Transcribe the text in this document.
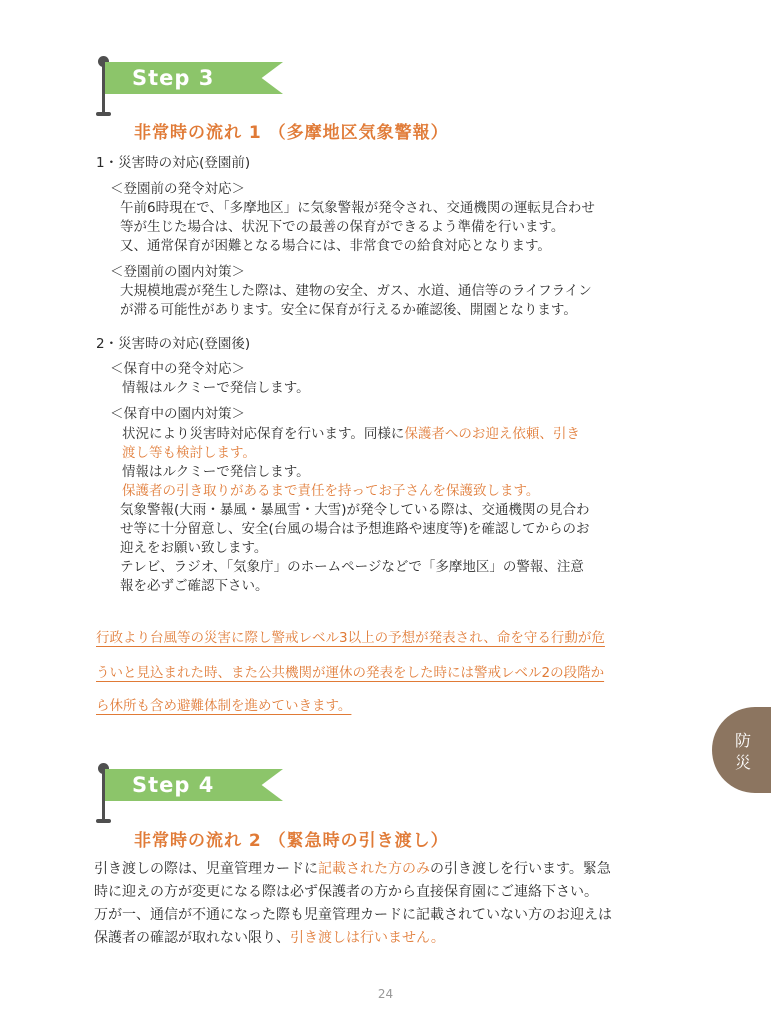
Step 3
非常時の流れ 1 （多摩地区気象警報）
1・災害時の対応(登園前)
＜登園前の発令対応＞
午前6時現在で、「多摩地区」に気象警報が発令され、交通機関の運転見合わせ
等が生じた場合は、状況下での最善の保育ができるよう準備を行います。
又、通常保育が困難となる場合には、非常食での給食対応となります。
＜登園前の園内対策＞
大規模地震が発生した際は、建物の安全、ガス、水道、通信等のライフライン
が滞る可能性があります。安全に保育が行えるか確認後、開園となります。
2・災害時の対応(登園後)
＜保育中の発令対応＞
情報はルクミーで発信します。
＜保育中の園内対策＞
状況により災害時対応保育を行います。同様に保護者へのお迎え依頼、引き
渡し等も検討します。
情報はルクミーで発信します。
保護者の引き取りがあるまで責任を持ってお子さんを保護致します。
気象警報(大雨・暴風・暴風雪・大雪)が発令している際は、交通機関の見合わ
せ等に十分留意し、安全(台風の場合は予想進路や速度等)を確認してからのお
迎えをお願い致します。
テレビ、ラジオ、「気象庁」のホームページなどで「多摩地区」の警報、注意
報を必ずご確認下さい。
行政より台風等の災害に際し警戒レベル3以上の予想が発表され、命を守る行動が危
ういと見込まれた時、また公共機関が運休の発表をした時には警戒レベル2の段階か
ら休所も含め避難体制を進めていきます。
防
災
Step 4
非常時の流れ 2 （緊急時の引き渡し）
引き渡しの際は、児童管理カードに記載された方のみの引き渡しを行います。緊急
時に迎えの方が変更になる際は必ず保護者の方から直接保育園にご連絡下さい。
万が一、通信が不通になった際も児童管理カードに記載されていない方のお迎えは
保護者の確認が取れない限り、引き渡しは行いません。
24
